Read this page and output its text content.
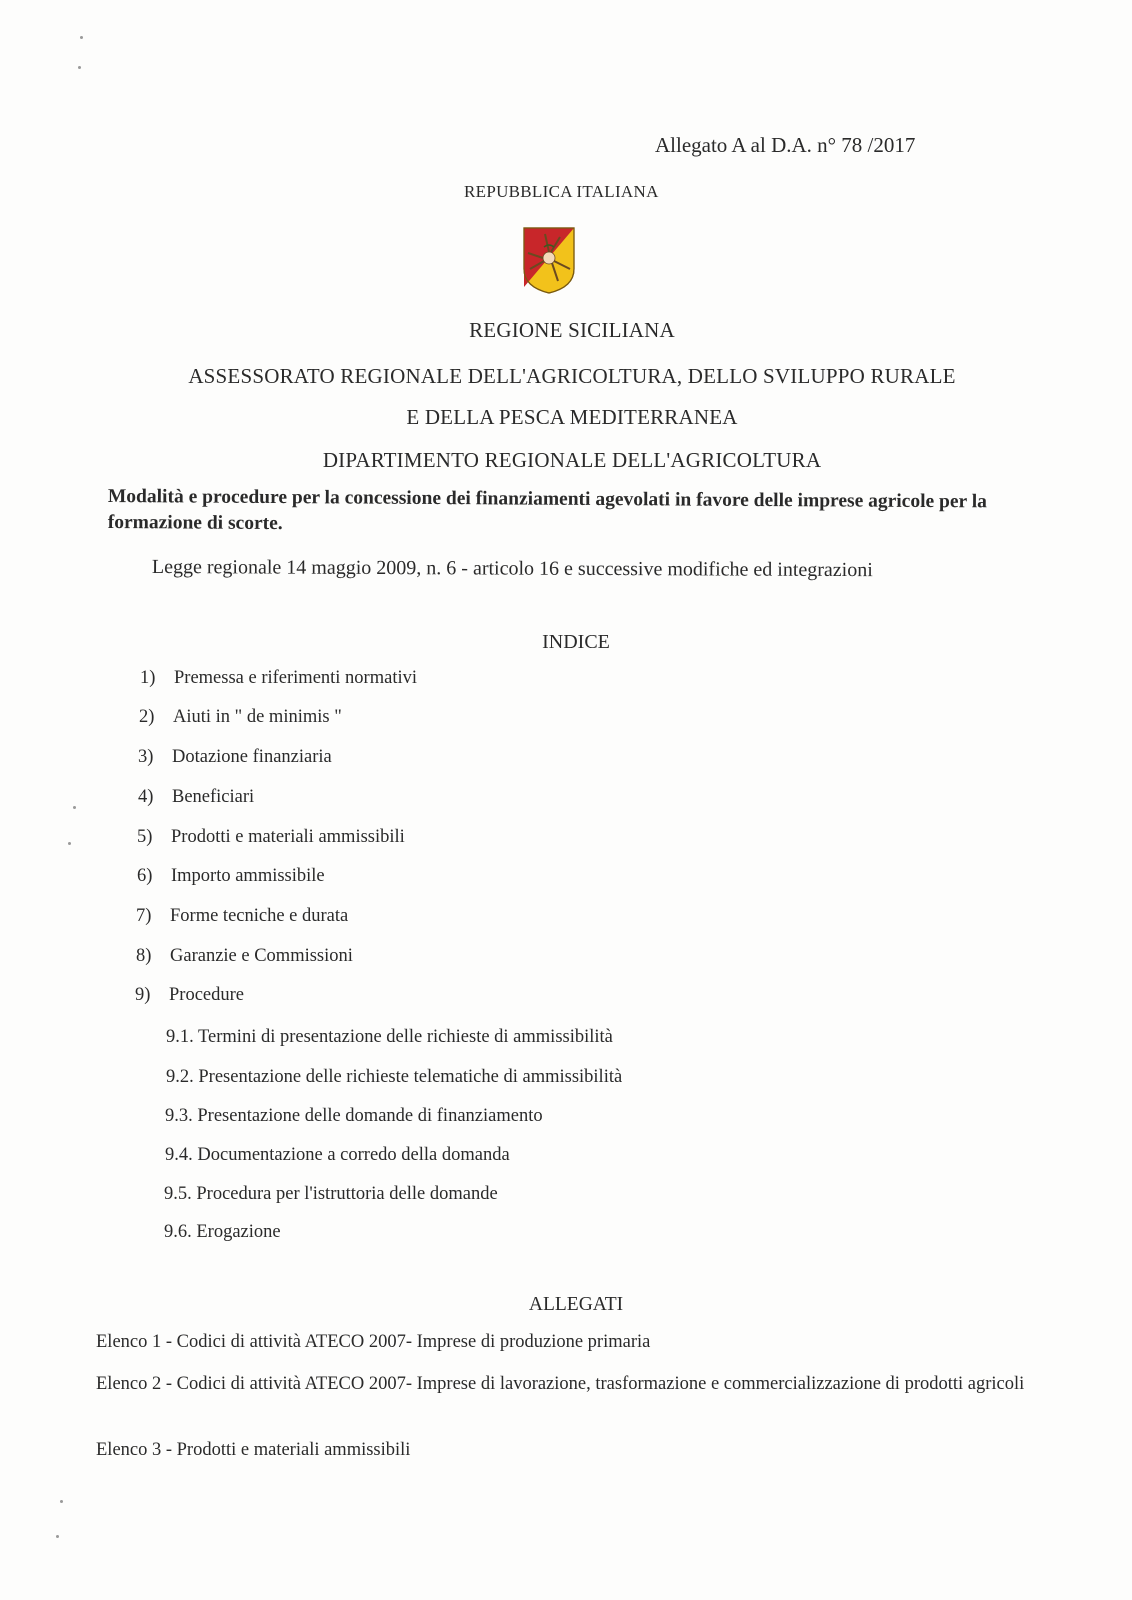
Allegato A al D.A. n° 78 /2017
REPUBBLICA ITALIANA
REGIONE SICILIANA
ASSESSORATO REGIONALE DELL'AGRICOLTURA, DELLO SVILUPPO RURALE
E DELLA PESCA MEDITERRANEA
DIPARTIMENTO REGIONALE DELL'AGRICOLTURA
Modalità e procedure per la concessione dei finanziamenti agevolati in favore delle imprese agricole per la formazione di scorte.
Legge regionale 14 maggio 2009, n. 6 - articolo 16 e successive modifiche ed integrazioni
INDICE
1) Premessa e riferimenti normativi
2) Aiuti in " de minimis "
3) Dotazione finanziaria
4) Beneficiari
5) Prodotti e materiali ammissibili
6) Importo ammissibile
7) Forme tecniche e durata
8) Garanzie e Commissioni
9) Procedure
9.1. Termini di presentazione delle richieste di ammissibilità
9.2. Presentazione delle richieste telematiche di ammissibilità
9.3. Presentazione delle domande di finanziamento
9.4. Documentazione a corredo della domanda
9.5. Procedura per l'istruttoria delle domande
9.6. Erogazione
ALLEGATI
Elenco 1 - Codici di attività ATECO 2007- Imprese di produzione primaria
Elenco 2 - Codici di attività ATECO 2007- Imprese di lavorazione, trasformazione e commercializzazione di prodotti agricoli
Elenco 3 - Prodotti e materiali ammissibili
